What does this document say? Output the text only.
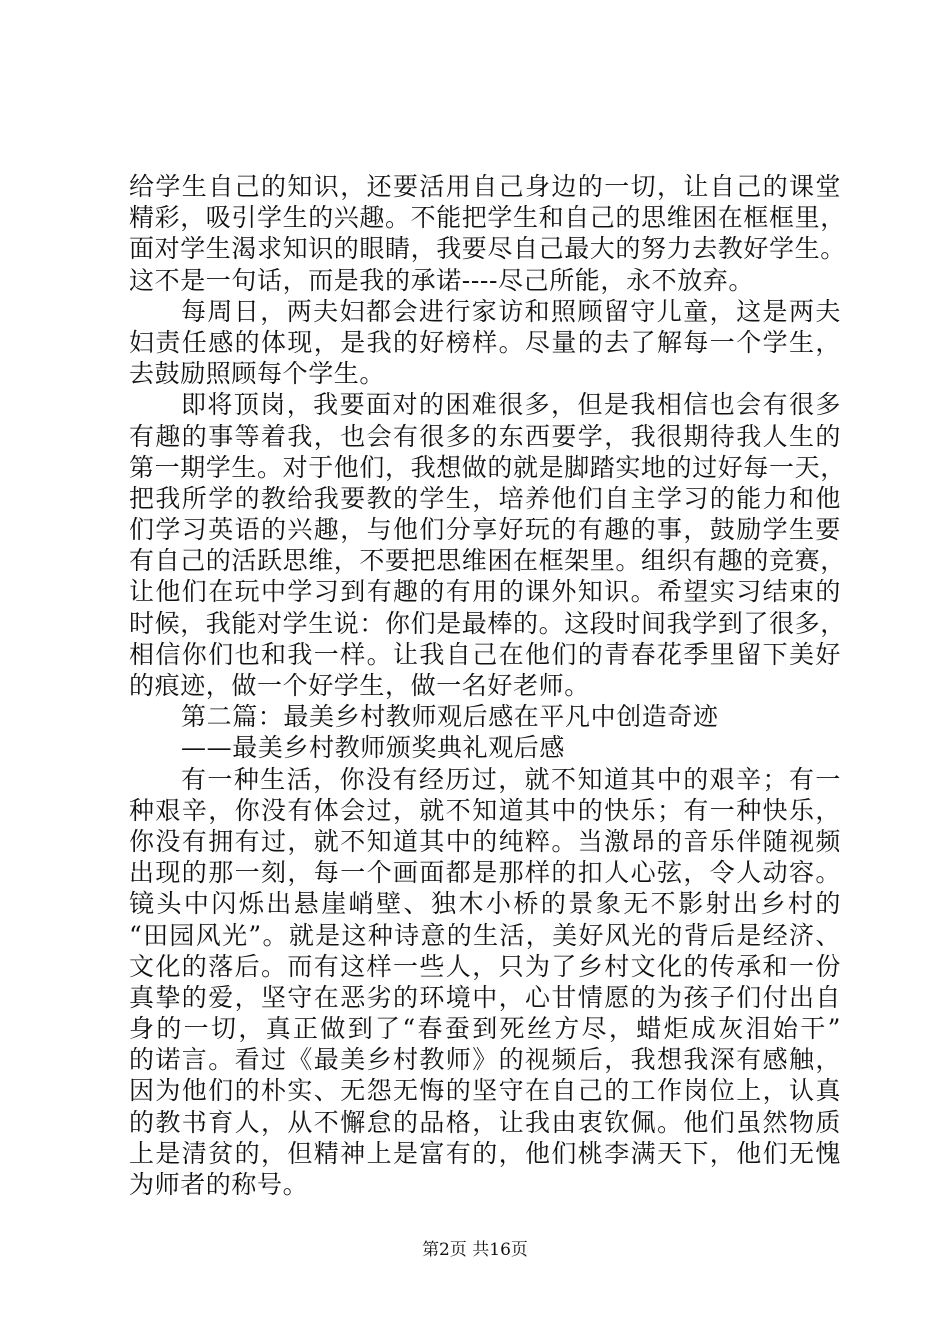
给学生自己的知识，还要活用自己身边的一切，让自己的课堂
精彩，吸引学生的兴趣。不能把学生和自己的思维困在框框里，
面对学生渴求知识的眼睛，我要尽自己最大的努力去教好学生。
这不是一句话，而是我的承诺----尽己所能，永不放弃。
每周日，两夫妇都会进行家访和照顾留守儿童，这是两夫
妇责任感的体现，是我的好榜样。尽量的去了解每一个学生，
去鼓励照顾每个学生。
即将顶岗，我要面对的困难很多，但是我相信也会有很多
有趣的事等着我，也会有很多的东西要学，我很期待我人生的
第一期学生。对于他们，我想做的就是脚踏实地的过好每一天，
把我所学的教给我要教的学生，培养他们自主学习的能力和他
们学习英语的兴趣，与他们分享好玩的有趣的事，鼓励学生要
有自己的活跃思维，不要把思维困在框架里。组织有趣的竞赛，
让他们在玩中学习到有趣的有用的课外知识。希望实习结束的
时候，我能对学生说：你们是最棒的。这段时间我学到了很多，
相信你们也和我一样。让我自己在他们的青春花季里留下美好
的痕迹，做一个好学生，做一名好老师。
第二篇：最美乡村教师观后感在平凡中创造奇迹
——最美乡村教师颁奖典礼观后感
有一种生活，你没有经历过，就不知道其中的艰辛；有一
种艰辛，你没有体会过，就不知道其中的快乐；有一种快乐，
你没有拥有过，就不知道其中的纯粹。当激昂的音乐伴随视频
出现的那一刻，每一个画面都是那样的扣人心弦，令人动容。
镜头中闪烁出悬崖峭壁、独木小桥的景象无不影射出乡村的
“田园风光”。就是这种诗意的生活，美好风光的背后是经济、
文化的落后。而有这样一些人，只为了乡村文化的传承和一份
真挚的爱，坚守在恶劣的环境中，心甘情愿的为孩子们付出自
身的一切，真正做到了“春蚕到死丝方尽，蜡炬成灰泪始干”
的诺言。看过《最美乡村教师》的视频后，我想我深有感触，
因为他们的朴实、无怨无悔的坚守在自己的工作岗位上，认真
的教书育人，从不懈怠的品格，让我由衷钦佩。他们虽然物质
上是清贫的，但精神上是富有的，他们桃李满天下，他们无愧
为师者的称号。
第2页 共16页
